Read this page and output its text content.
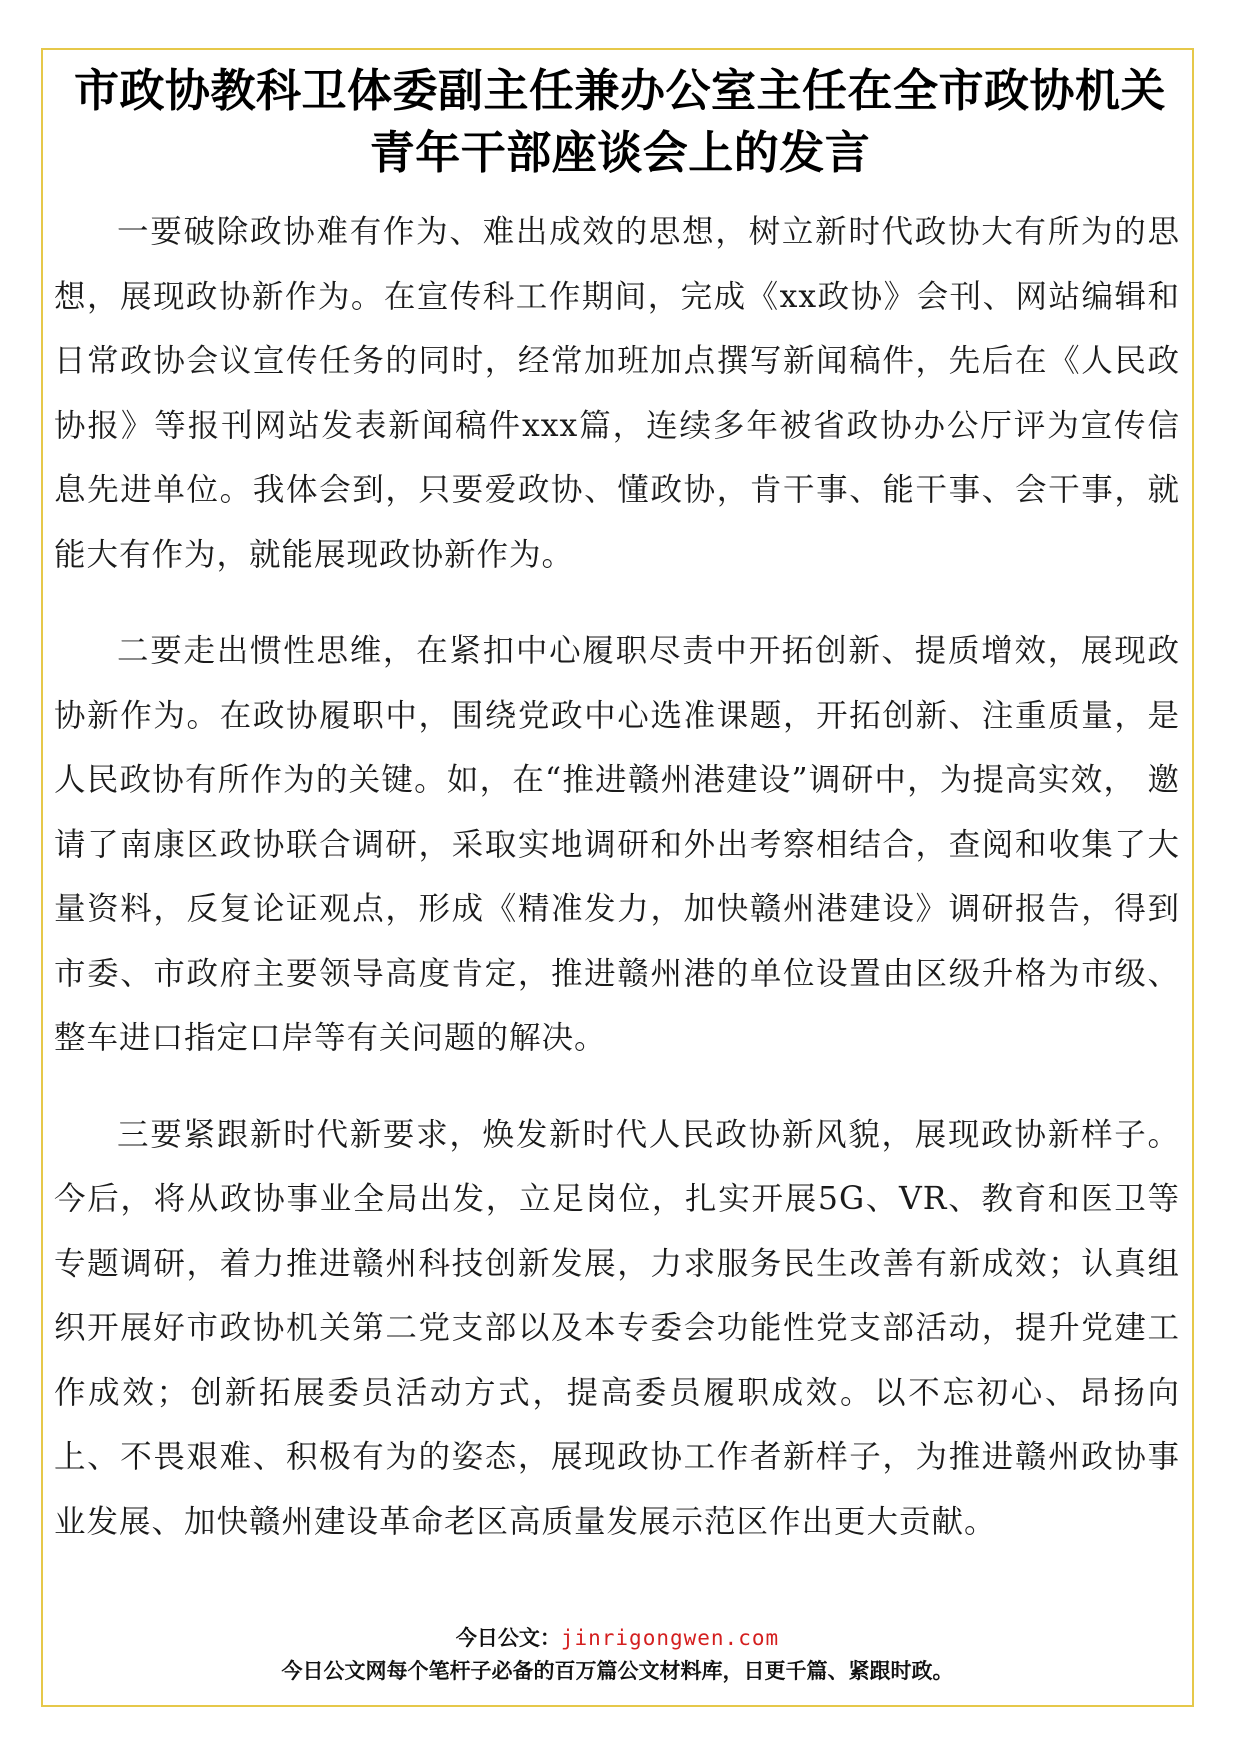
市政协教科卫体委副主任兼办公室主任在全市政协机关
青年干部座谈会上的发言

一要破除政协难有作为、难出成效的思想，树立新时代政协大有所为的思想，展现政协新作为。在宣传科工作期间，完成《xx政协》会刊、网站编辑和日常政协会议宣传任务的同时，经常加班加点撰写新闻稿件，先后在《人民政协报》等报刊网站发表新闻稿件xxx篇，连续多年被省政协办公厅评为宣传信息先进单位。我体会到，只要爱政协、懂政协，肯干事、能干事、会干事，就能大有作为，就能展现政协新作为。

二要走出惯性思维，在紧扣中心履职尽责中开拓创新、提质增效，展现政协新作为。在政协履职中，围绕党政中心选准课题，开拓创新、注重质量，是人民政协有所作为的关键。如，在“推进赣州港建设”调研中，为提高实效， 邀请了南康区政协联合调研，采取实地调研和外出考察相结合，查阅和收集了大量资料，反复论证观点，形成《精准发力，加快赣州港建设》调研报告，得到市委、市政府主要领导高度肯定，推进赣州港的单位设置由区级升格为市级、整车进口指定口岸等有关问题的解决。

三要紧跟新时代新要求，焕发新时代人民政协新风貌，展现政协新样子。 今后，将从政协事业全局出发，立足岗位，扎实开展5G、VR、教育和医卫等专题调研，着力推进赣州科技创新发展，力求服务民生改善有新成效；认真组织开展好市政协机关第二党支部以及本专委会功能性党支部活动，提升党建工作成效；创新拓展委员活动方式，提高委员履职成效。以不忘初心、昂扬向上、不畏艰难、积极有为的姿态，展现政协工作者新样子，为推进赣州政协事业发展、加快赣州建设革命老区高质量发展示范区作出更大贡献。

今日公文：jinrigongwen.com
今日公文网每个笔杆子必备的百万篇公文材料库，日更千篇、紧跟时政。
